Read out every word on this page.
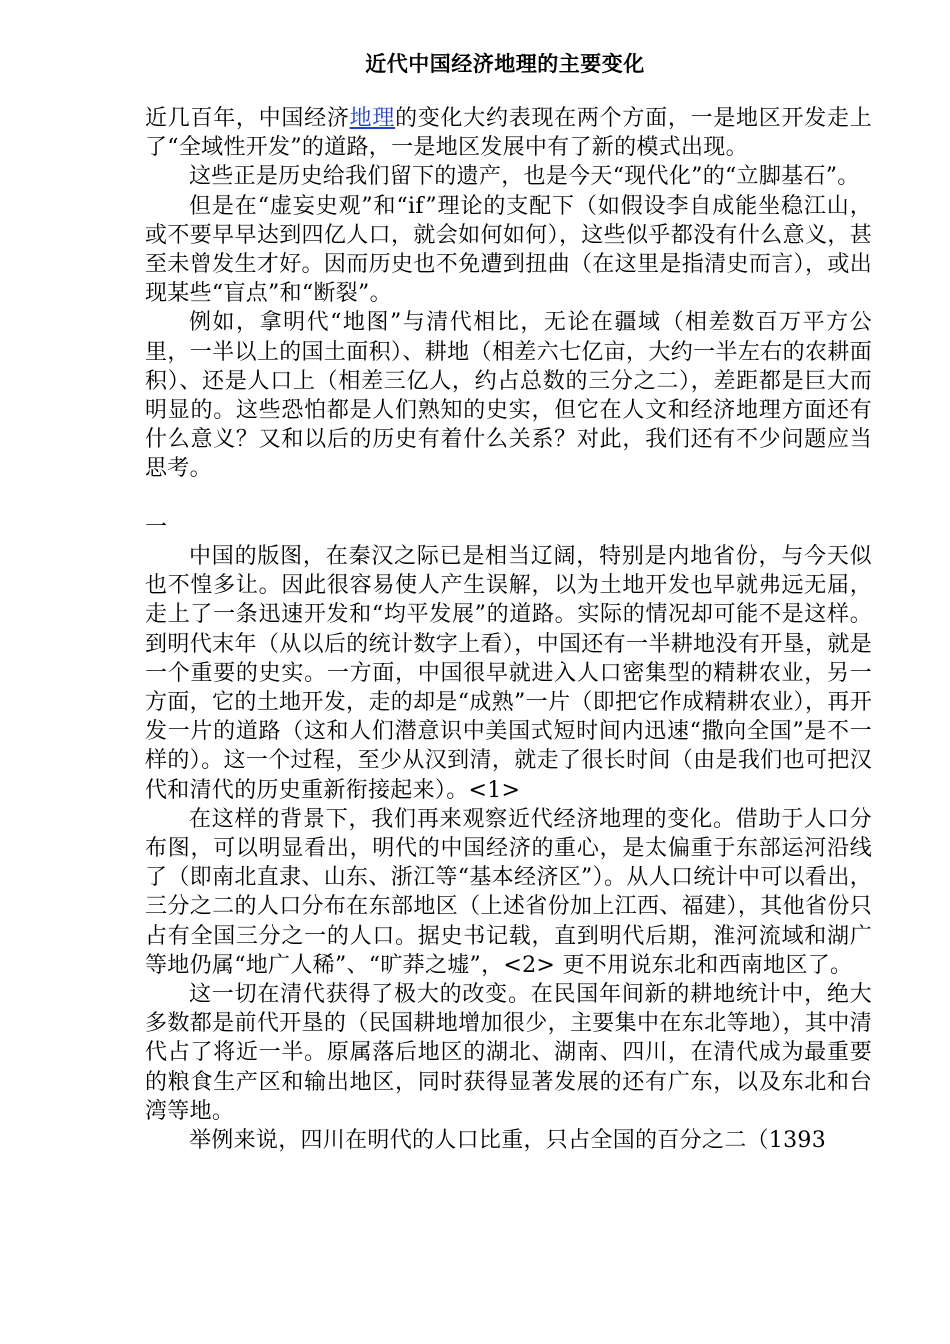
近代中国经济地理的主要变化

近几百年，中国经济地理的变化大约表现在两个方面，一是地区开发走上了“全域性开发”的道路，一是地区发展中有了新的模式出现。

这些正是历史给我们留下的遗产，也是今天“现代化”的“立脚基石”。

但是在“虚妄史观”和“if”理论的支配下（如假设李自成能坐稳江山，或不要早早达到四亿人口，就会如何如何），这些似乎都没有什么意义，甚至未曾发生才好。因而历史也不免遭到扭曲（在这里是指清史而言），或出现某些“盲点”和“断裂”。

例如，拿明代“地图”与清代相比，无论在疆域（相差数百万平方公里，一半以上的国土面积）、耕地（相差六七亿亩，大约一半左右的农耕面积）、还是人口上（相差三亿人，约占总数的三分之二），差距都是巨大而明显的。这些恐怕都是人们熟知的史实，但它在人文和经济地理方面还有什么意义？又和以后的历史有着什么关系？对此，我们还有不少问题应当思考。

一

中国的版图，在秦汉之际已是相当辽阔，特别是内地省份，与今天似也不惶多让。因此很容易使人产生误解，以为土地开发也早就弗远无届，走上了一条迅速开发和“均平发展”的道路。实际的情况却可能不是这样。到明代末年（从以后的统计数字上看），中国还有一半耕地没有开垦，就是一个重要的史实。一方面，中国很早就进入人口密集型的精耕农业，另一方面，它的土地开发，走的却是“成熟”一片（即把它作成精耕农业），再开发一片的道路（这和人们潜意识中美国式短时间内迅速“撒向全国”是不一样的）。这一个过程，至少从汉到清，就走了很长时间（由是我们也可把汉代和清代的历史重新衔接起来）。<1>

在这样的背景下，我们再来观察近代经济地理的变化。借助于人口分布图，可以明显看出，明代的中国经济的重心，是太偏重于东部运河沿线了（即南北直隶、山东、浙江等“基本经济区”）。从人口统计中可以看出，三分之二的人口分布在东部地区（上述省份加上江西、福建），其他省份只占有全国三分之一的人口。据史书记载，直到明代后期，淮河流域和湖广等地仍属“地广人稀”、“旷莽之墟”，<2> 更不用说东北和西南地区了。

这一切在清代获得了极大的改变。在民国年间新的耕地统计中，绝大多数都是前代开垦的（民国耕地增加很少，主要集中在东北等地），其中清代占了将近一半。原属落后地区的湖北、湖南、四川，在清代成为最重要的粮食生产区和输出地区，同时获得显著发展的还有广东，以及东北和台湾等地。

举例来说，四川在明代的人口比重，只占全国的百分之二（1393
